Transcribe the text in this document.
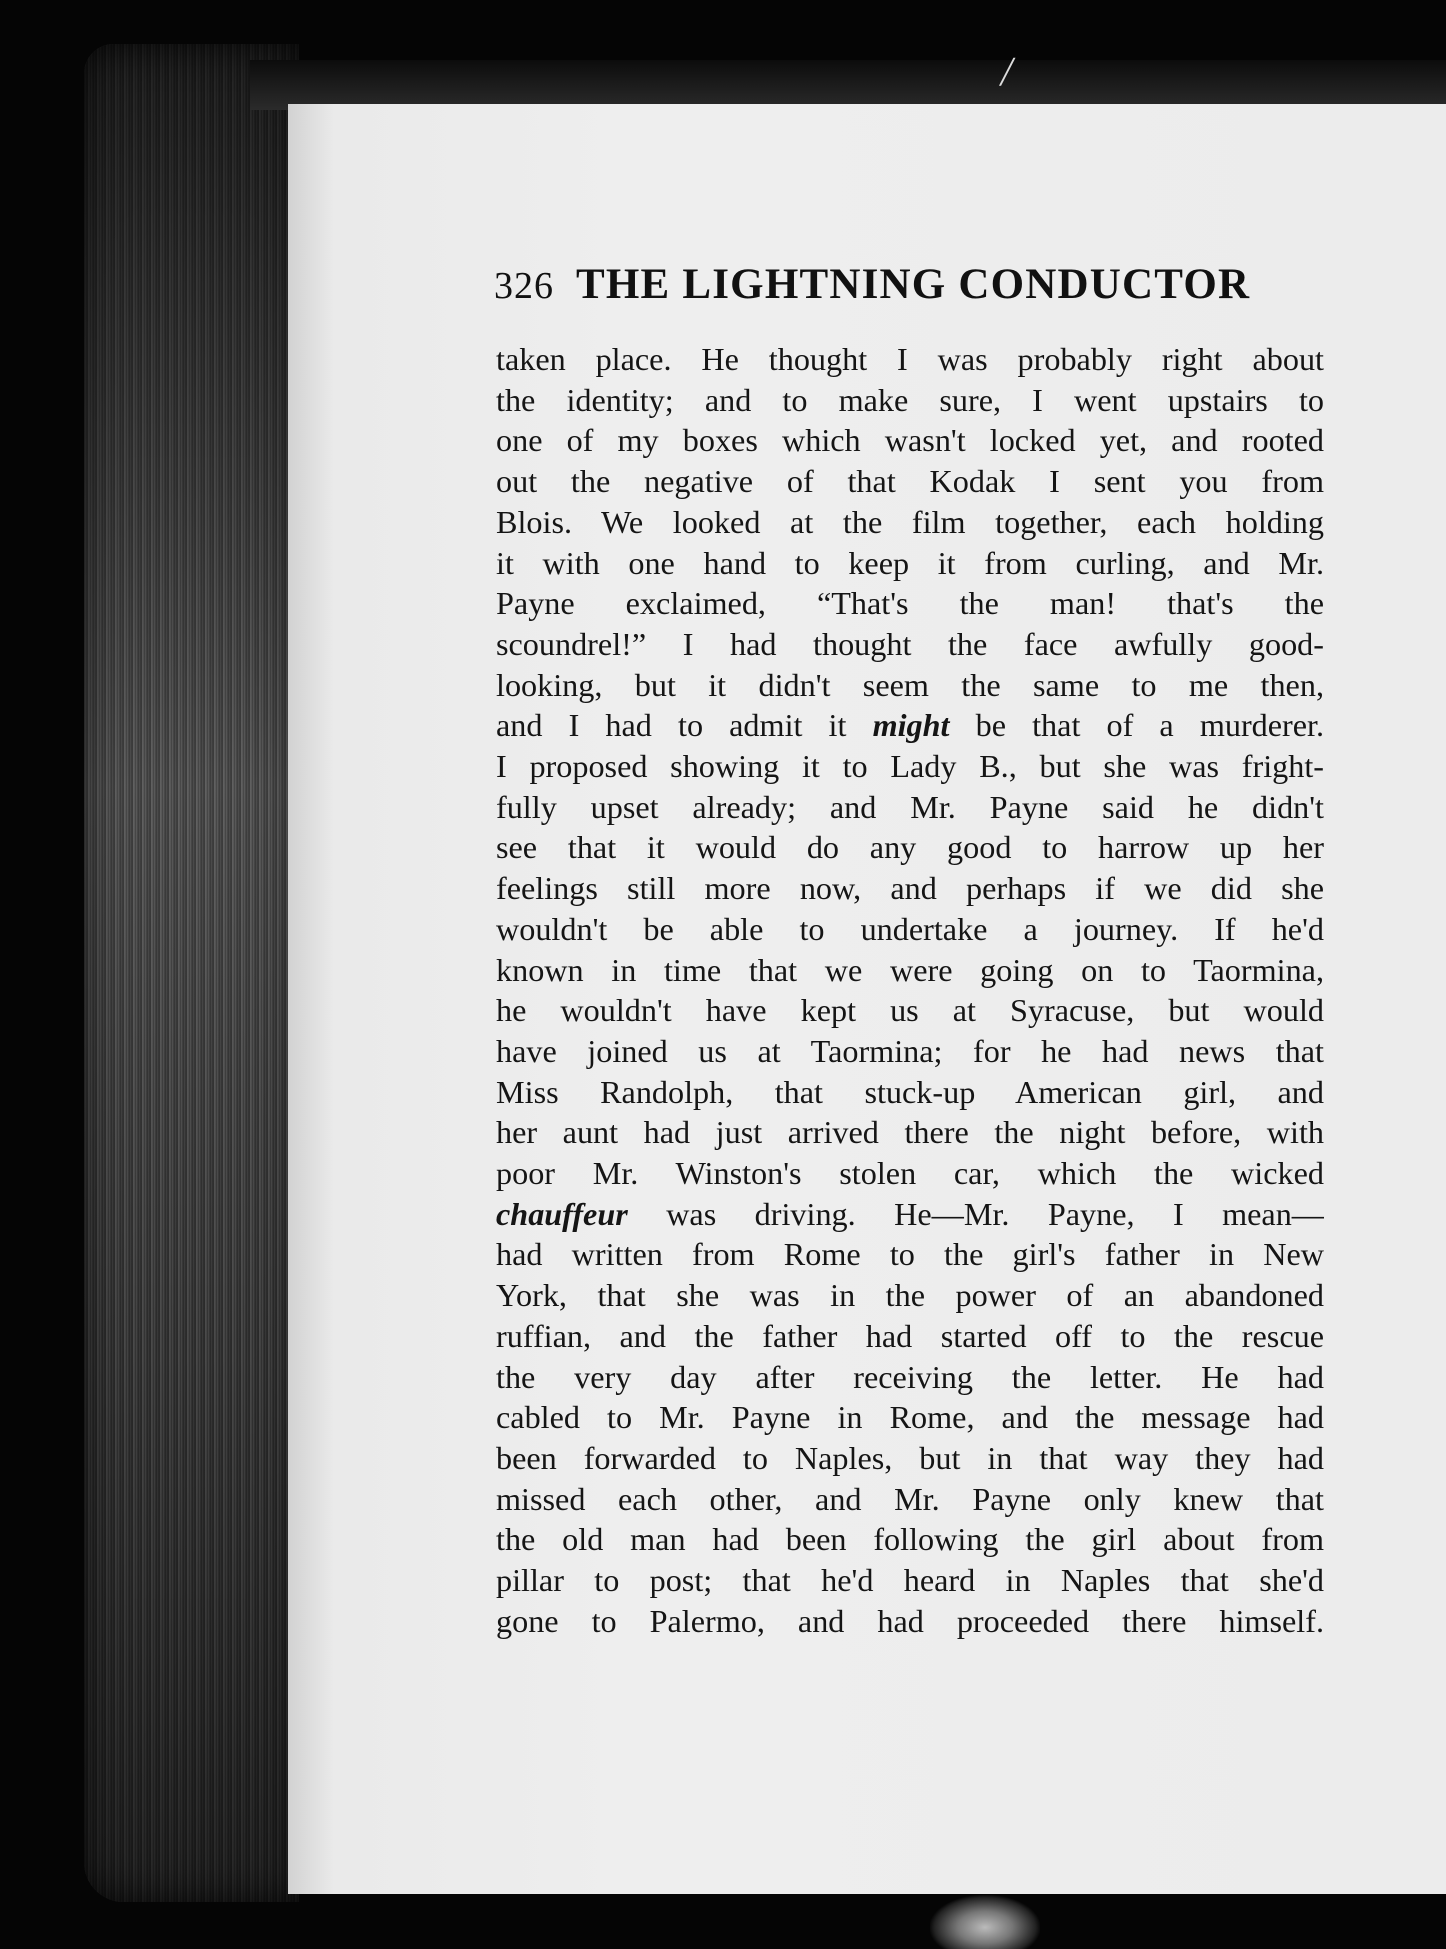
╱
326 THE LIGHTNING CONDUCTOR
taken place. He thought I was probably right about
the identity; and to make sure, I went upstairs to
one of my boxes which wasn't locked yet, and rooted
out the negative of that Kodak I sent you from
Blois. We looked at the film together, each holding
it with one hand to keep it from curling, and Mr.
Payne exclaimed, “That's the man! that's the
scoundrel!” I had thought the face awfully good-
looking, but it didn't seem the same to me then,
and I had to admit it might be that of a murderer.
I proposed showing it to Lady B., but she was fright-
fully upset already; and Mr. Payne said he didn't
see that it would do any good to harrow up her
feelings still more now, and perhaps if we did she
wouldn't be able to undertake a journey. If he'd
known in time that we were going on to Taormina,
he wouldn't have kept us at Syracuse, but would
have joined us at Taormina; for he had news that
Miss Randolph, that stuck-up American girl, and
her aunt had just arrived there the night before, with
poor Mr. Winston's stolen car, which the wicked
chauffeur was driving. He—Mr. Payne, I mean—
had written from Rome to the girl's father in New
York, that she was in the power of an abandoned
ruffian, and the father had started off to the rescue
the very day after receiving the letter. He had
cabled to Mr. Payne in Rome, and the message had
been forwarded to Naples, but in that way they had
missed each other, and Mr. Payne only knew that
the old man had been following the girl about from
pillar to post; that he'd heard in Naples that she'd
gone to Palermo, and had proceeded there himself.
